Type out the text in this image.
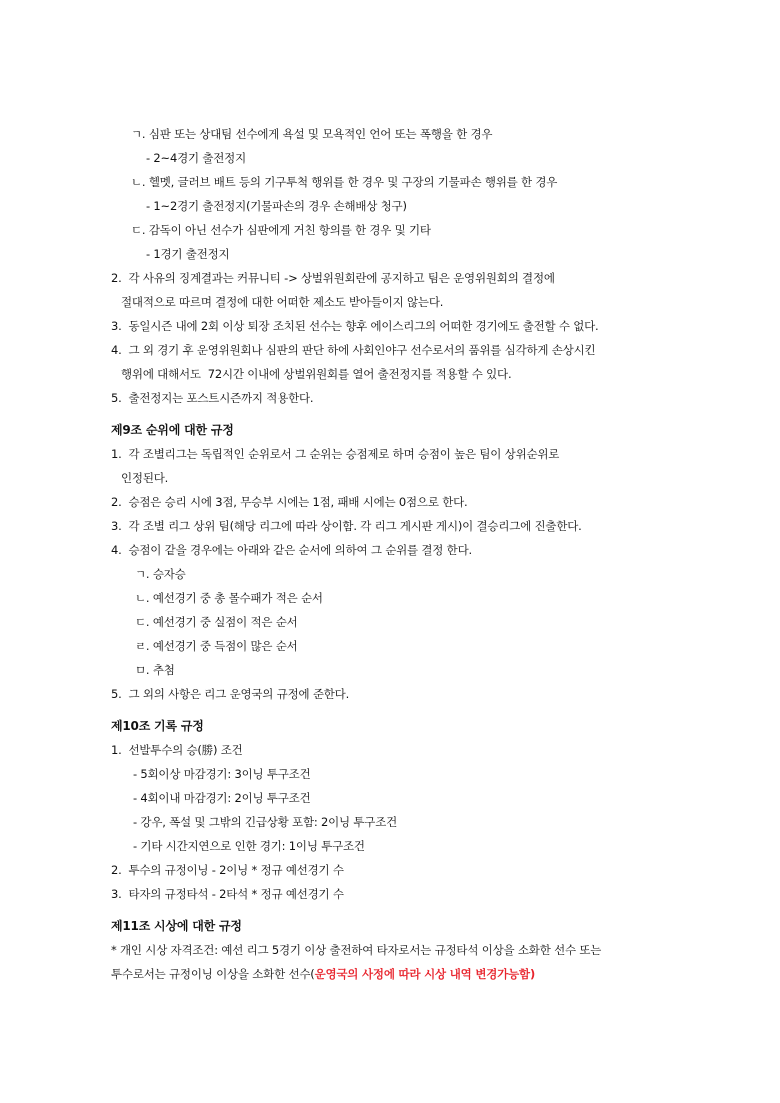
ㄱ. 심판 또는 상대팀 선수에게 욕설 및 모욕적인 언어 또는 폭행을 한 경우
- 2~4경기 출전정지
ㄴ. 헬멧, 글러브 배트 등의 기구투척 행위를 한 경우 및 구장의 기물파손 행위를 한 경우
- 1~2경기 출전정지(기물파손의 경우 손해배상 청구)
ㄷ. 감독이 아닌 선수가 심판에게 거친 항의를 한 경우 및 기타
- 1경기 출전정지
2.  각 사유의 징계결과는 커뮤니티 -> 상벌위원회란에 공지하고 팀은 운영위원회의 결정에
절대적으로 따르며 결정에 대한 어떠한 제소도 받아들이지 않는다.
3.  동일시즌 내에 2회 이상 퇴장 조치된 선수는 향후 에이스리그의 어떠한 경기에도 출전할 수 없다.
4.  그 외 경기 후 운영위원회나 심판의 판단 하에 사회인야구 선수로서의 품위를 심각하게 손상시킨
행위에 대해서도  72시간 이내에 상벌위원회를 열어 출전정지를 적용할 수 있다.
5.  출전정지는 포스트시즌까지 적용한다.
제9조 순위에 대한 규정
1.  각 조별리그는 독립적인 순위로서 그 순위는 승점제로 하며 승점이 높은 팀이 상위순위로
인정된다.
2.  승점은 승리 시에 3점, 무승부 시에는 1점, 패배 시에는 0점으로 한다.
3.  각 조별 리그 상위 팀(해당 리그에 따라 상이함. 각 리그 게시판 게시)이 결승리그에 진출한다.
4.  승점이 같을 경우에는 아래와 같은 순서에 의하여 그 순위를 결정 한다.
ㄱ. 승자승
ㄴ. 예선경기 중 총 몰수패가 적은 순서
ㄷ. 예선경기 중 실점이 적은 순서
ㄹ. 예선경기 중 득점이 많은 순서
ㅁ. 추첨
5.  그 외의 사항은 리그 운영국의 규정에 준한다.
제10조 기록 규정
1.  선발투수의 승(勝) 조건
- 5회이상 마감경기: 3이닝 투구조건
- 4회이내 마감경기: 2이닝 투구조건
- 강우, 폭설 및 그밖의 긴급상황 포함: 2이닝 투구조건
- 기타 시간지연으로 인한 경기: 1이닝 투구조건
2.  투수의 규정이닝 - 2이닝 * 정규 예선경기 수
3.  타자의 규정타석 - 2타석 * 정규 예선경기 수
제11조 시상에 대한 규정
* 개인 시상 자격조건: 예선 리그 5경기 이상 출전하여 타자로서는 규정타석 이상을 소화한 선수 또는
투수로서는 규정이닝 이상을 소화한 선수(운영국의 사정에 따라 시상 내역 변경가능함)
